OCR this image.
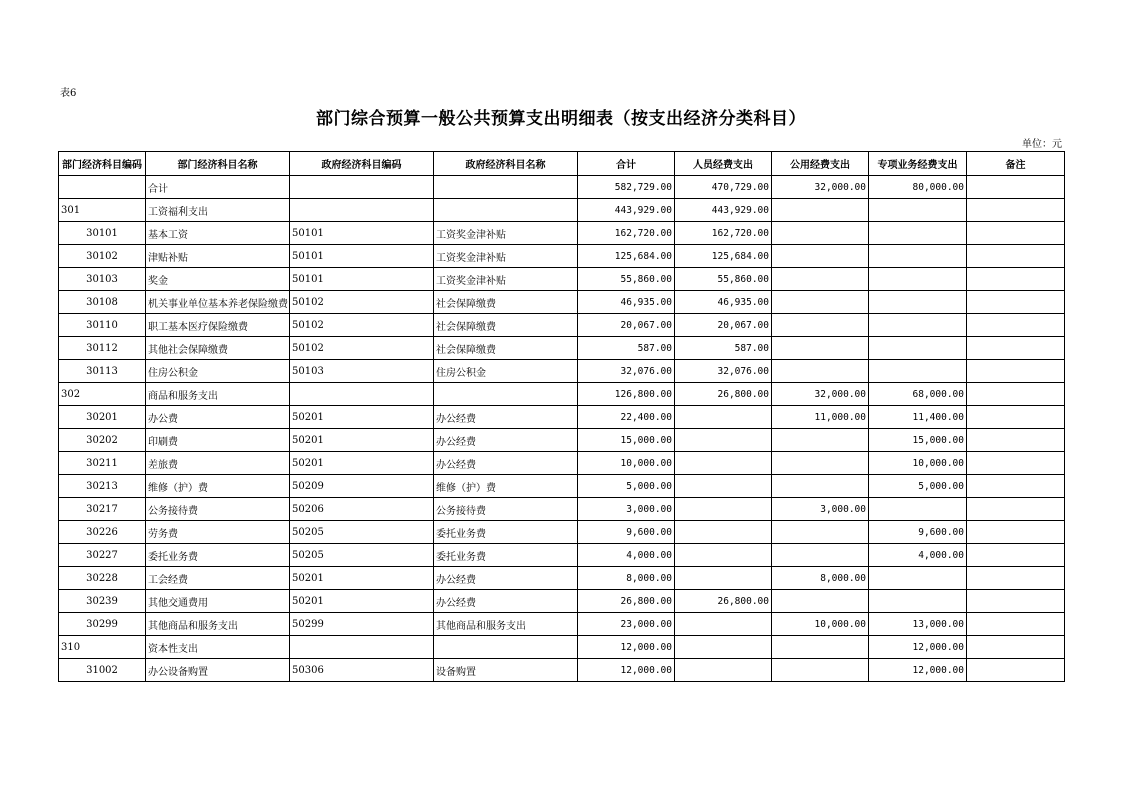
表6
部门综合预算一般公共预算支出明细表（按支出经济分类科目）
单位：元
部门经济科目编码	部门经济科目名称	政府经济科目编码	政府经济科目名称	合计	人员经费支出	公用经费支出	专项业务经费支出	备注
	合计			582,729.00	470,729.00	32,000.00	80,000.00	
301	工资福利支出			443,929.00	443,929.00			
30101	基本工资	50101	工资奖金津补贴	162,720.00	162,720.00			
30102	津贴补贴	50101	工资奖金津补贴	125,684.00	125,684.00			
30103	奖金	50101	工资奖金津补贴	55,860.00	55,860.00			
30108	机关事业单位基本养老保险缴费	50102	社会保障缴费	46,935.00	46,935.00			
30110	职工基本医疗保险缴费	50102	社会保障缴费	20,067.00	20,067.00			
30112	其他社会保障缴费	50102	社会保障缴费	587.00	587.00			
30113	住房公积金	50103	住房公积金	32,076.00	32,076.00			
302	商品和服务支出			126,800.00	26,800.00	32,000.00	68,000.00	
30201	办公费	50201	办公经费	22,400.00		11,000.00	11,400.00	
30202	印刷费	50201	办公经费	15,000.00			15,000.00	
30211	差旅费	50201	办公经费	10,000.00			10,000.00	
30213	维修（护）费	50209	维修（护）费	5,000.00			5,000.00	
30217	公务接待费	50206	公务接待费	3,000.00		3,000.00		
30226	劳务费	50205	委托业务费	9,600.00			9,600.00	
30227	委托业务费	50205	委托业务费	4,000.00			4,000.00	
30228	工会经费	50201	办公经费	8,000.00		8,000.00		
30239	其他交通费用	50201	办公经费	26,800.00	26,800.00			
30299	其他商品和服务支出	50299	其他商品和服务支出	23,000.00		10,000.00	13,000.00	
310	资本性支出			12,000.00			12,000.00	
31002	办公设备购置	50306	设备购置	12,000.00			12,000.00	
